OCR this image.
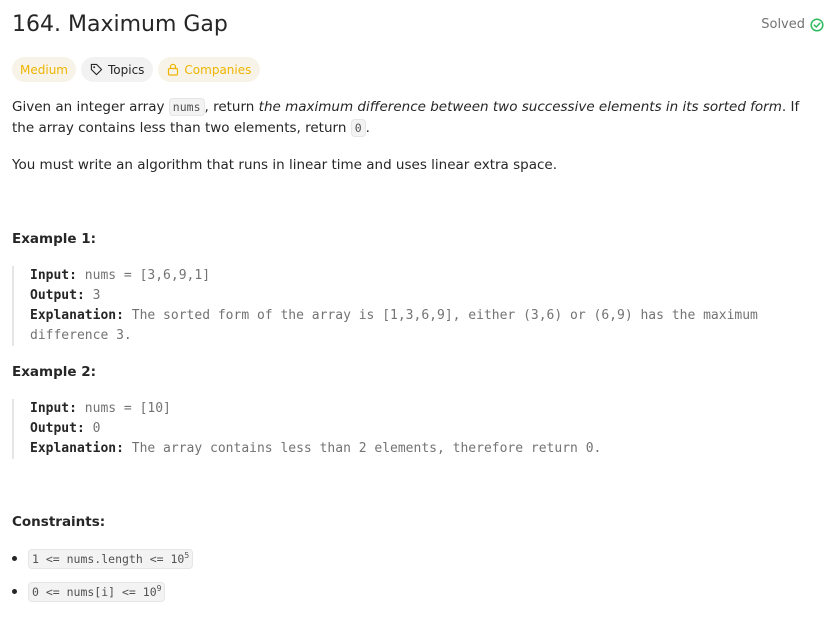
164. Maximum Gap	Solved
Medium	Topics	Companies

Given an integer array nums , return the maximum difference between two successive elements in its sorted form. If the array contains less than two elements, return 0 .

You must write an algorithm that runs in linear time and uses linear extra space.

Example 1:
Input: nums = [3,6,9,1]
Output: 3
Explanation: The sorted form of the array is [1,3,6,9], either (3,6) or (6,9) has the maximum difference 3.
Example 2:
Input: nums = [10]
Output: 0
Explanation: The array contains less than 2 elements, therefore return 0.
Constraints:
1 <= nums.length <= $10^5$
0 <= nums[i] <= $10^9$
